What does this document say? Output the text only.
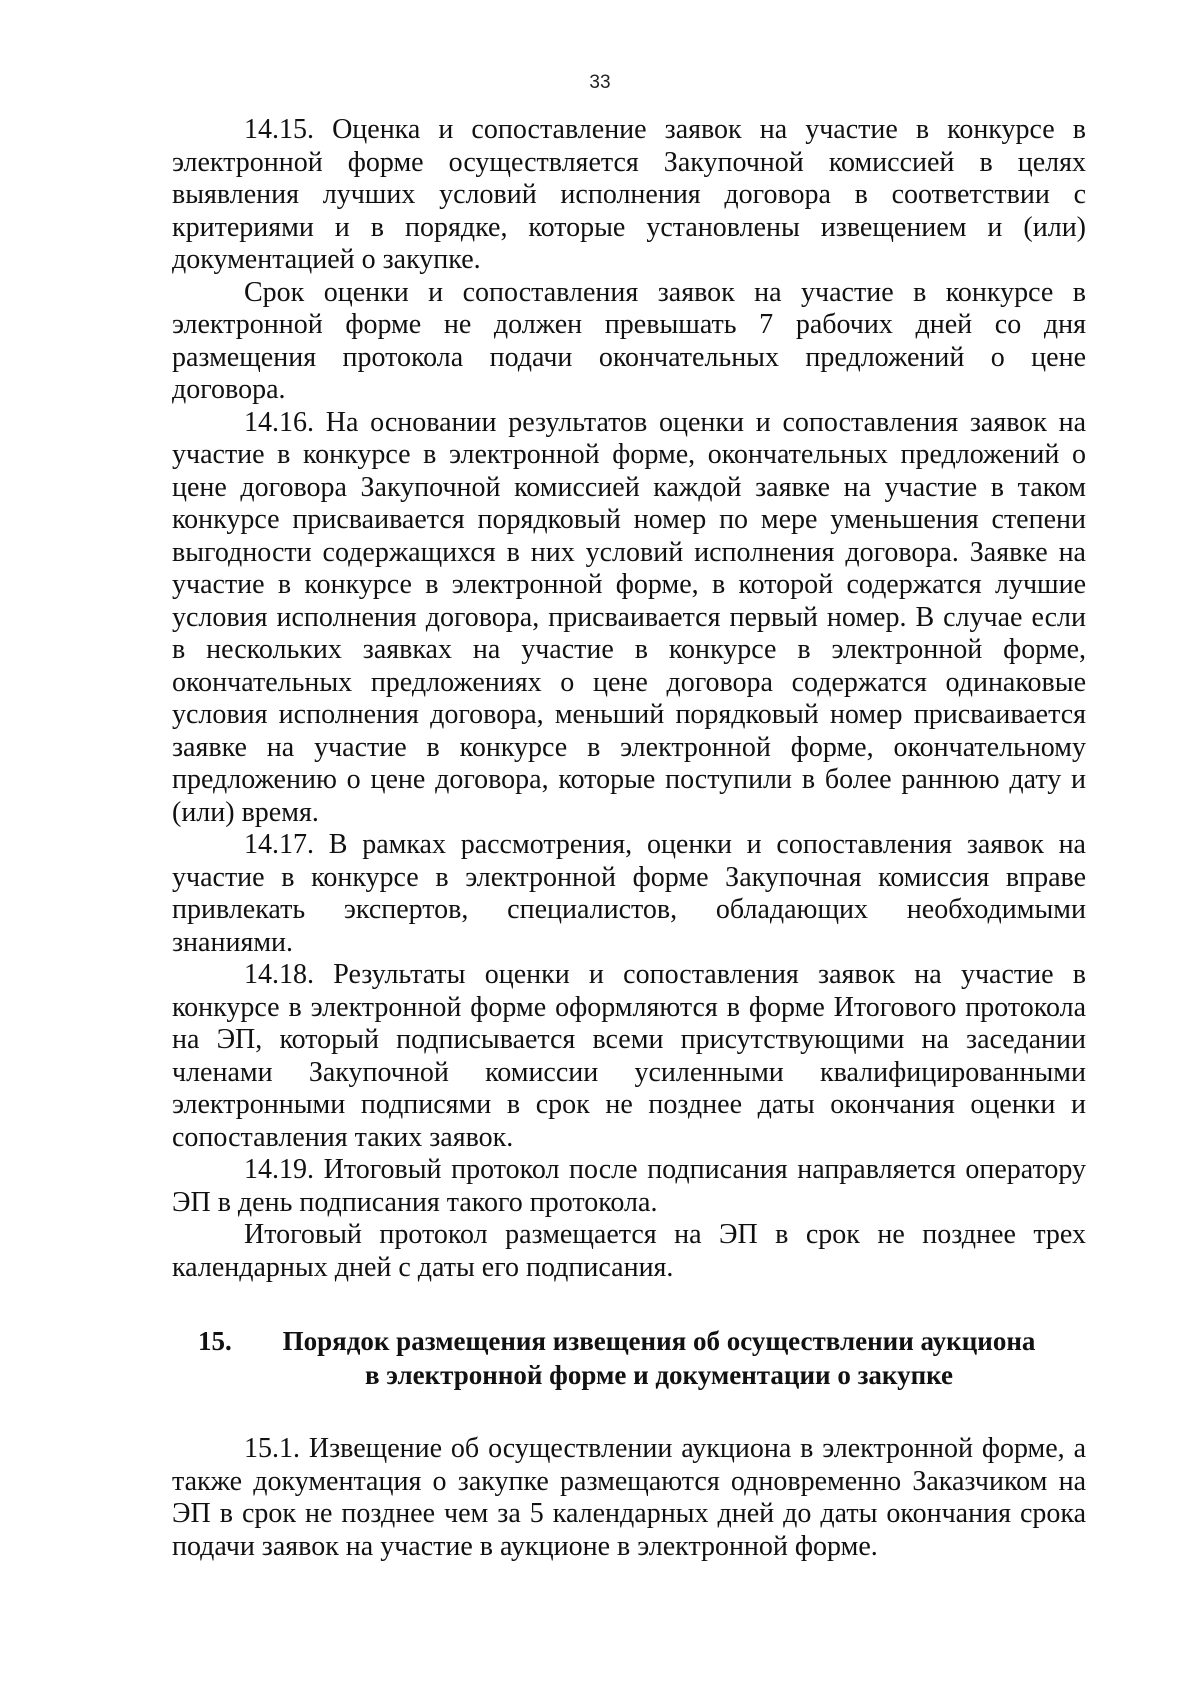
33

14.15. Оценка и сопоставление заявок на участие в конкурсе в электронной форме осуществляется Закупочной комиссией в целях выявления лучших условий исполнения договора в соответствии с критериями и в порядке, которые установлены извещением и (или) документацией о закупке.

Срок оценки и сопоставления заявок на участие в конкурсе в электронной форме не должен превышать 7 рабочих дней со дня размещения протокола подачи окончательных предложений о цене договора.

14.16. На основании результатов оценки и сопоставления заявок на участие в конкурсе в электронной форме, окончательных предложений о цене договора Закупочной комиссией каждой заявке на участие в таком конкурсе присваивается порядковый номер по мере уменьшения степени выгодности содержащихся в них условий исполнения договора. Заявке на участие в конкурсе в электронной форме, в которой содержатся лучшие условия исполнения договора, присваивается первый номер. В случае если в нескольких заявках на участие в конкурсе в электронной форме, окончательных предложениях о цене договора содержатся одинаковые условия исполнения договора, меньший порядковый номер присваивается заявке на участие в конкурсе в электронной форме, окончательному предложению о цене договора, которые поступили в более раннюю дату и (или) время.

14.17. В рамках рассмотрения, оценки и сопоставления заявок на участие в конкурсе в электронной форме Закупочная комиссия вправе привлекать экспертов, специалистов, обладающих необходимыми знаниями.

14.18. Результаты оценки и сопоставления заявок на участие в конкурсе в электронной форме оформляются в форме Итогового протокола на ЭП, который подписывается всеми присутствующими на заседании членами Закупочной комиссии усиленными квалифицированными электронными подписями в срок не позднее даты окончания оценки и сопоставления таких заявок.

14.19. Итоговый протокол после подписания направляется оператору ЭП в день подписания такого протокола.

Итоговый протокол размещается на ЭП в срок не позднее трех календарных дней с даты его подписания.

15.	Порядок размещения извещения об осуществлении аукциона
в электронной форме и документации о закупке

15.1. Извещение об осуществлении аукциона в электронной форме, а также документация о закупке размещаются одновременно Заказчиком на ЭП в срок не позднее чем за 5 календарных дней до даты окончания срока подачи заявок на участие в аукционе в электронной форме.
